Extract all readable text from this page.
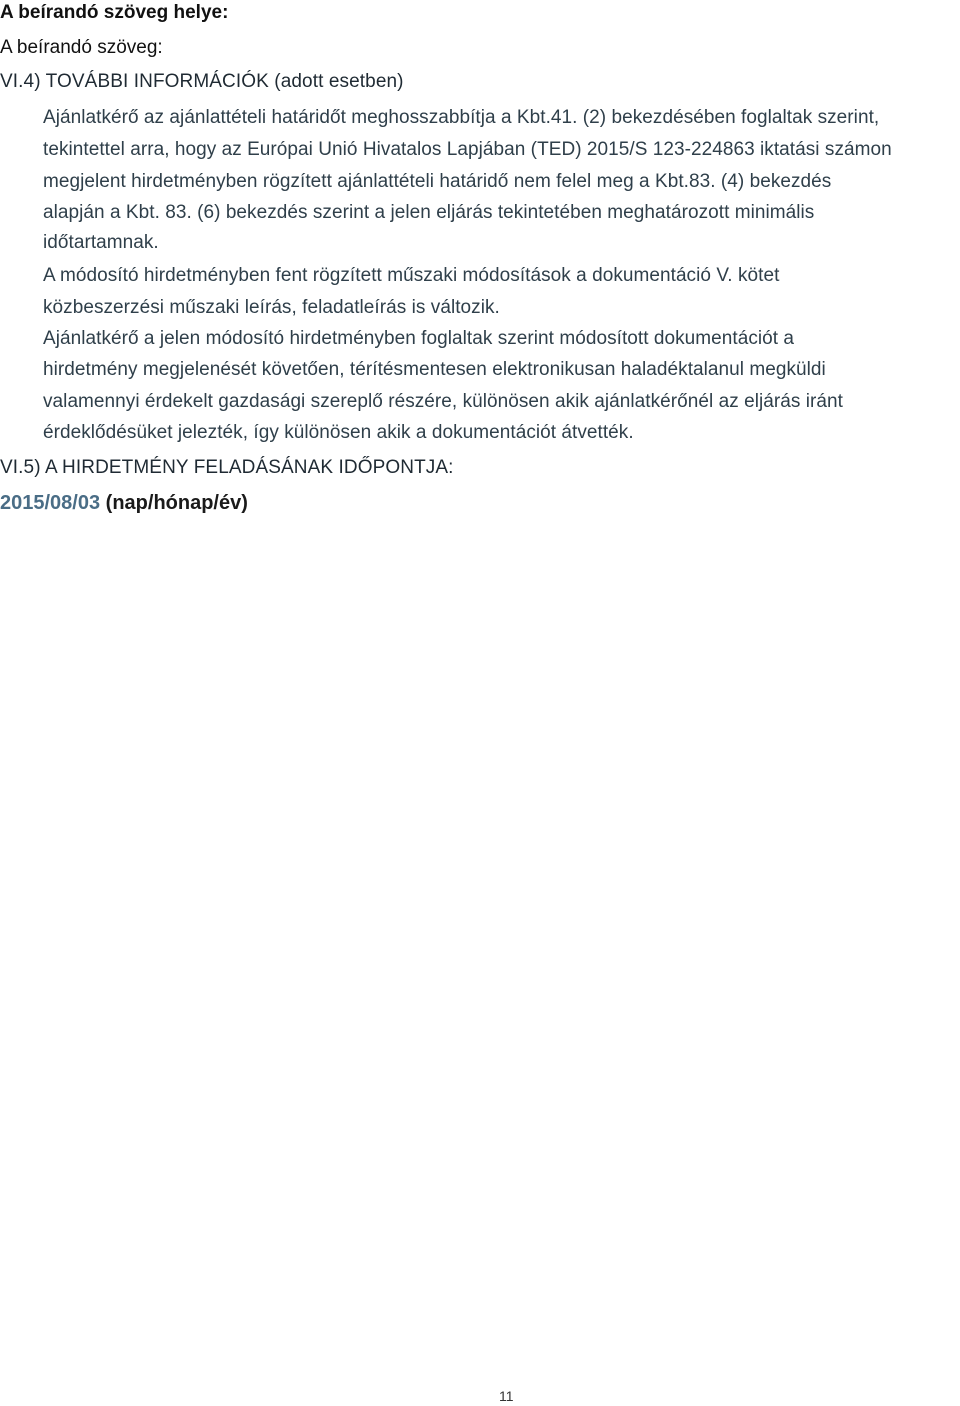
A beírandó szöveg helye:
A beírandó szöveg:
VI.4) TOVÁBBI INFORMÁCIÓK (adott esetben)
Ajánlatkérő az ajánlattételi határidőt meghosszabbítja a Kbt.41. (2) bekezdésében foglaltak szerint,
tekintettel arra, hogy az Európai Unió Hivatalos Lapjában (TED) 2015/S 123-224863 iktatási számon
megjelent hirdetményben rögzített ajánlattételi határidő nem felel meg a Kbt.83. (4) bekezdés
alapján a Kbt. 83. (6) bekezdés szerint a jelen eljárás tekintetében meghatározott minimális
időtartamnak.
A módosító hirdetményben fent rögzített műszaki módosítások a dokumentáció V. kötet
közbeszerzési műszaki leírás, feladatleírás is változik.
Ajánlatkérő a jelen módosító hirdetményben foglaltak szerint módosított dokumentációt a
hirdetmény megjelenését követően, térítésmentesen elektronikusan haladéktalanul megküldi
valamennyi érdekelt gazdasági szereplő részére, különösen akik ajánlatkérőnél az eljárás iránt
érdeklődésüket jelezték, így különösen akik a dokumentációt átvették.
VI.5) A HIRDETMÉNY FELADÁSÁNAK IDŐPONTJA:
2015/08/03 (nap/hónap/év)
11
